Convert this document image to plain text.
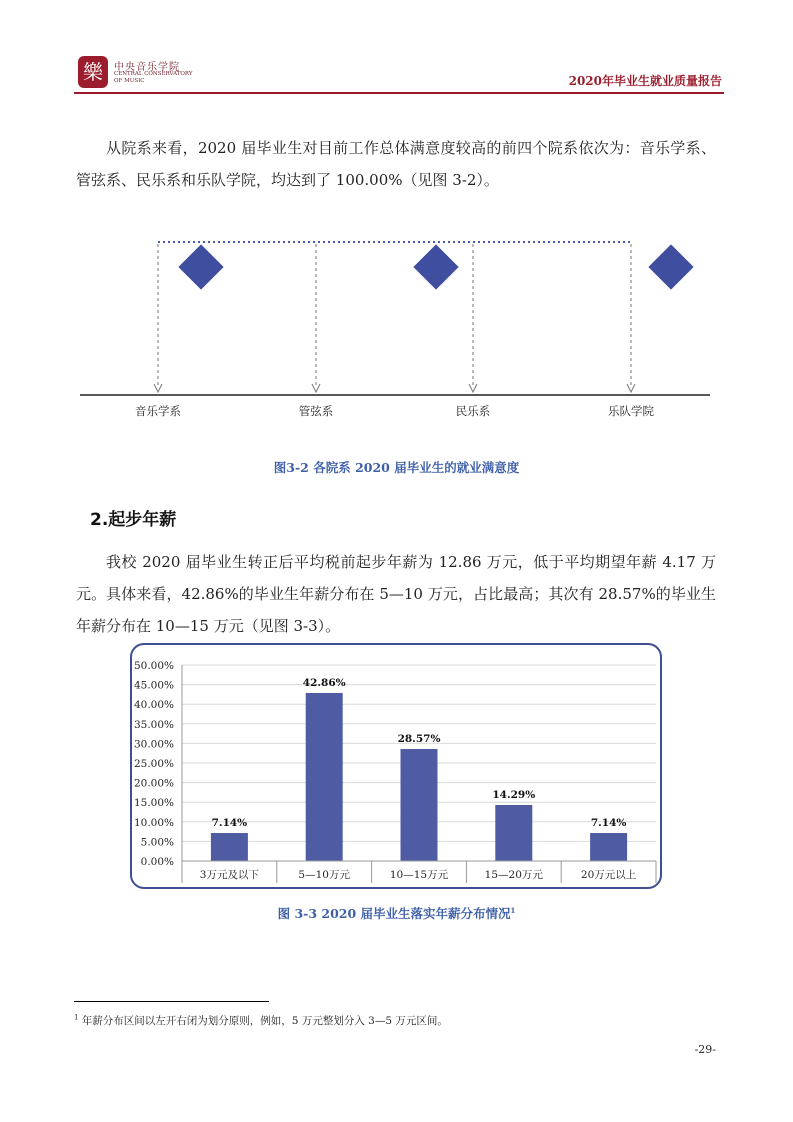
樂	中央音乐学院
CENTRAL CONSERVATORY OF MUSIC	2020年毕业生就业质量报告
从院系来看，2020 届毕业生对目前工作总体满意度较高的前四个院系依次为：音乐学系、管弦系、民乐系和乐队学院，均达到了 100.00%（见图 3-2）。
音乐学系	管弦系	民乐系	乐队学院
图3-2 各院系 2020 届毕业生的就业满意度
2.起步年薪
我校 2020 届毕业生转正后平均税前起步年薪为 12.86 万元，低于平均期望年薪 4.17 万元。具体来看，42.86%的毕业生年薪分布在 5—10 万元，占比最高；其次有 28.57%的毕业生年薪分布在 10—15 万元（见图 3-3）。
7.14%
42.86%
28.57%
14.29%
7.14%
0.00%
5.00%
10.00%
15.00%
20.00%
25.00%
30.00%
35.00%
40.00%
45.00%
50.00%
3万元及以下	5—10万元	10—15万元	15—20万元	20万元以上
图 3-3 2020 届毕业生落实年薪分布情况$^1$
$^1$ 年薪分布区间以左开右闭为划分原则，例如，5 万元整划分入 3—5 万元区间。
-29-
